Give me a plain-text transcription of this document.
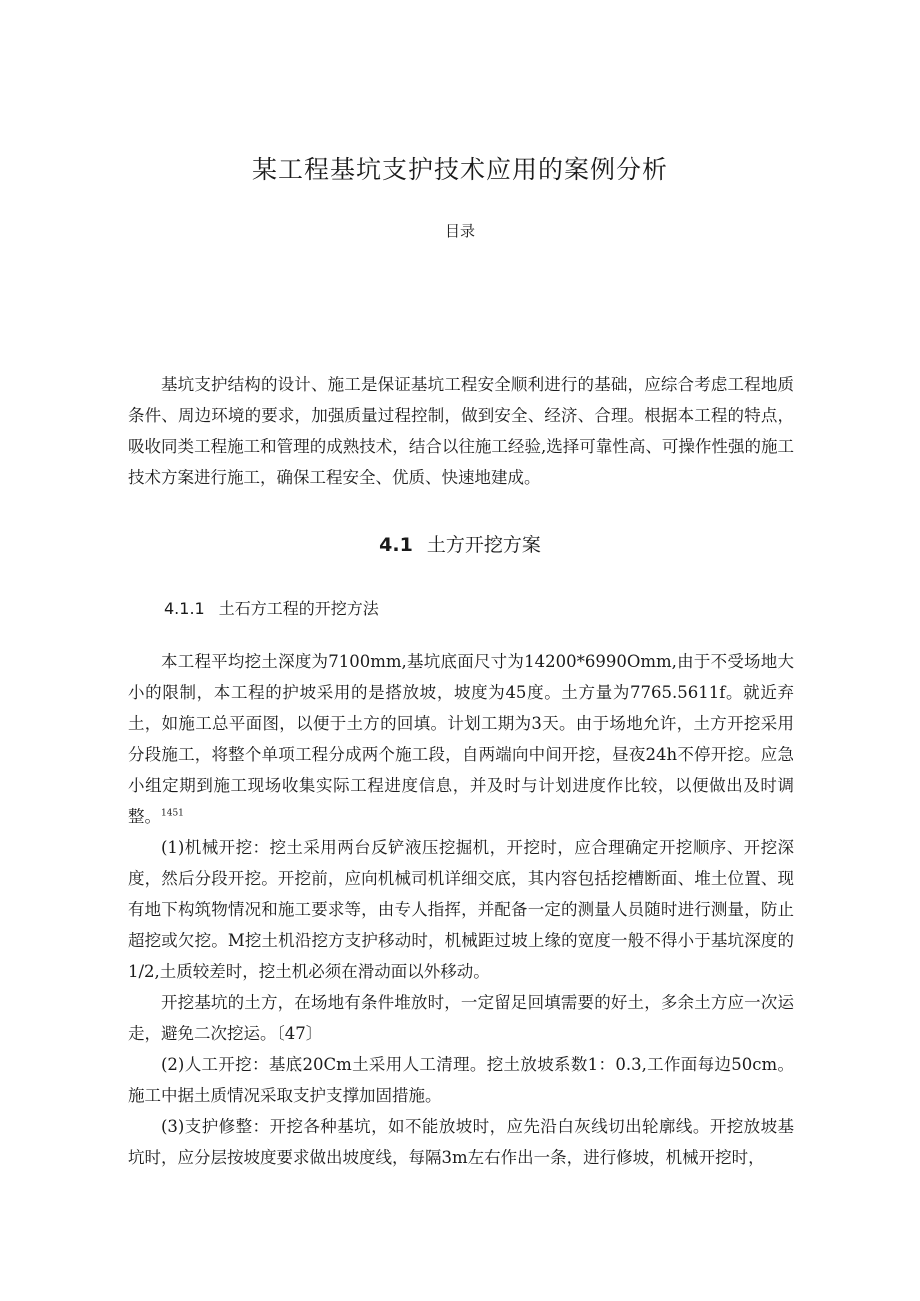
某工程基坑支护技术应用的案例分析
目录
基坑支护结构的设计、施工是保证基坑工程安全顺利进行的基础，应综合考虑工程地质条件、周边环境的要求，加强质量过程控制，做到安全、经济、合理。根据本工程的特点，吸收同类工程施工和管理的成熟技术，结合以往施工经验,选择可靠性高、可操作性强的施工技术方案进行施工，确保工程安全、优质、快速地建成。
4.1 土方开挖方案
4.1.1 土石方工程的开挖方法
本工程平均挖土深度为7100mm,基坑底面尺寸为14200*6990Omm,由于不受场地大小的限制，本工程的护坡采用的是搭放坡，坡度为45度。土方量为7765.5611f。就近弃土，如施工总平面图，以便于土方的回填。计划工期为3天。由于场地允许，土方开挖采用分段施工，将整个单项工程分成两个施工段，自两端向中间开挖，昼夜24h不停开挖。应急小组定期到施工现场收集实际工程进度信息，并及时与计划进度作比较，以便做出及时调整。$^{1451}$
(1)机械开挖：挖土采用两台反铲液压挖掘机，开挖时，应合理确定开挖顺序、开挖深度，然后分段开挖。开挖前，应向机械司机详细交底，其内容包括挖槽断面、堆土位置、现有地下构筑物情况和施工要求等，由专人指挥，并配备一定的测量人员随时进行测量，防止超挖或欠挖。M挖土机沿挖方支护移动时，机械距过坡上缘的宽度一般不得小于基坑深度的1/2,土质较差时，挖土机必须在滑动面以外移动。
开挖基坑的土方，在场地有条件堆放时，一定留足回填需要的好土，多余土方应一次运走，避免二次挖运。〔47〕
(2)人工开挖：基底20Cm土采用人工清理。挖土放坡系数1：0.3,工作面每边50cm。施工中据土质情况采取支护支撑加固措施。
(3)支护修整：开挖各种基坑，如不能放坡时，应先沿白灰线切出轮廓线。开挖放坡基坑时，应分层按坡度要求做出坡度线，每隔3m左右作出一条，进行修坡，机械开挖时，
